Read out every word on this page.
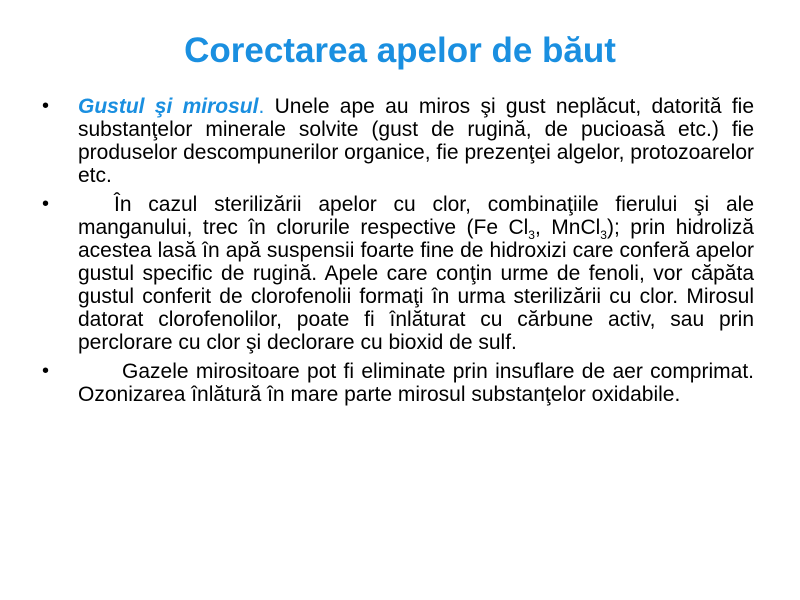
Corectarea apelor de băut
• Gustul şi mirosul. Unele ape au miros şi gust neplăcut, datorită fie substanţelor minerale solvite (gust de rugină, de pucioasă etc.) fie produselor descompunerilor organice, fie prezenţei algelor, protozoarelor etc.
•	În cazul sterilizării apelor cu clor, combinaţiile fierului şi ale manganului, trec în clorurile respective (Fe $Cl_3$, MnCl$_3$); prin hidroliză acestea lasă în apă suspensii foarte fine de hidroxizi care conferă apelor gustul specific de rugină. Apele care conţin urme de fenoli, vor căpăta gustul conferit de clorofenolii formaţi în urma sterilizării cu clor. Mirosul datorat clorofenolilor, poate fi înlăturat cu cărbune activ, sau prin perclorare cu clor şi declorare cu bioxid de sulf.
•	Gazele mirositoare pot fi eliminate prin insuflare de aer comprimat. Ozonizarea înlătură în mare parte mirosul substanţelor oxidabile.
